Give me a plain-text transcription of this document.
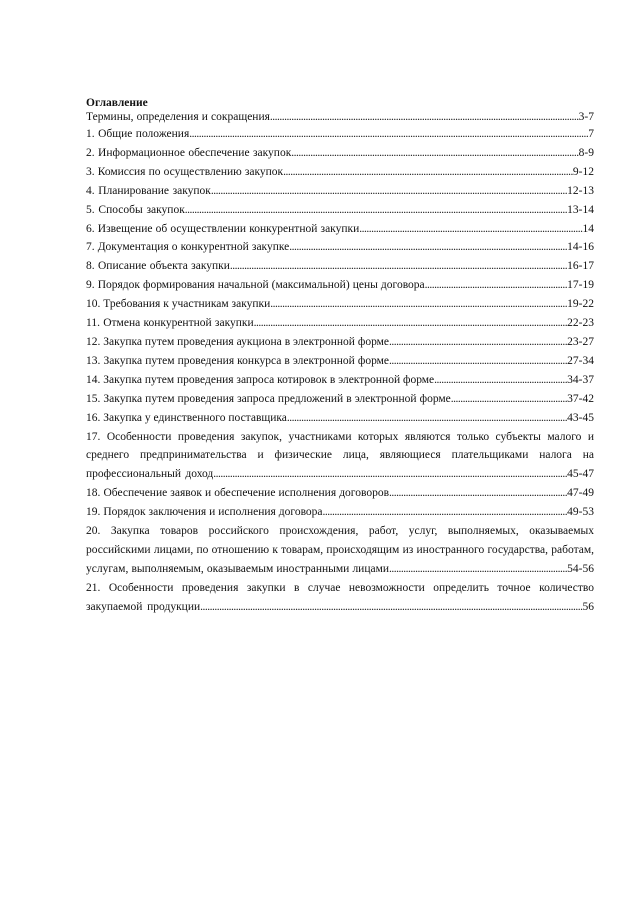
Оглавление

Термины, определения и сокращения..................................................................................................................................3-7
1. Общие положения........................................................................................................................................................................7
2. Информационное обеспечение закупок.........................................................................................................................8-9
3. Комиссия по осуществлению закупок..........................................................................................................................9-12
4. Планирование закупок......................................................................................................................................................12-13
5. Способы закупок.................................................................................................................................................................13-14
6. Извещение об осуществлении конкурентной закупки..............................................................................................14
7. Документация о конкурентной закупке.....................................................................................................................14-16
8. Описание объекта закупки..............................................................................................................................................16-17
9. Порядок формирования начальной (максимальной) цены договора............................................................17-19
10. Требования к участникам закупки.............................................................................................................................19-22
11. Отмена конкурентной закупки....................................................................................................................................22-23
12. Закупка путем проведения аукциона в электронной форме...........................................................................23-27
13. Закупка путем проведения конкурса в электронной форме...........................................................................27-34
14. Закупка путем проведения запроса котировок в электронной форме........................................................34-37
15. Закупка путем проведения запроса предложений в электронной форме.................................................37-42
16. Закупка у единственного поставщика......................................................................................................................43-45
17. Особенности проведения закупок, участниками которых являются только субъекты малого и среднего предпринимательства и физические лица, являющиеся плательщиками налога на профессиональный доход.....................................................................................................................................................45-47
18. Обеспечение заявок и обеспечение исполнения договоров...........................................................................47-49
19. Порядок заключения и исполнения договора.......................................................................................................49-53
20. Закупка товаров российского происхождения, работ, услуг, выполняемых, оказываемых российскими лицами, по отношению к товарам, происходящим из иностранного государства, работам, услугам, выполняемым, оказываемым иностранными лицами...........................................................................54-56
21. Особенности проведения закупки в случае невозможности определить точное количество закупаемой продукции.................................................................................................................................................................56
